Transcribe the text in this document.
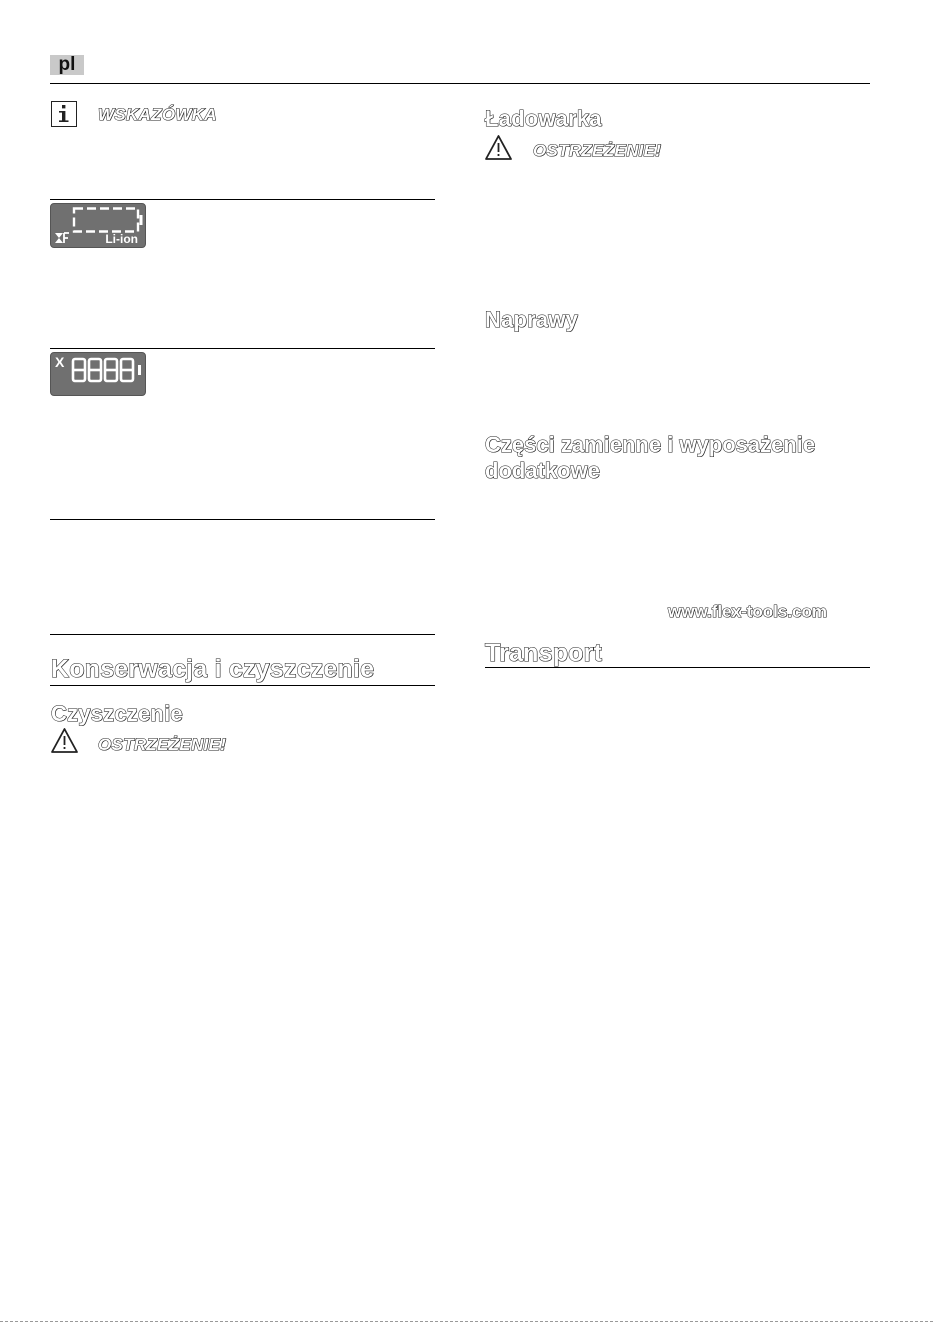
pl
WSKAZÓWKA
Li-ion
X
Konserwacja i czyszczenie
Czyszczenie
OSTRZEŻENIE!
Ładowarka
OSTRZEŻENIE!
Naprawy
Części zamienne i wyposażenie dodatkowe
www.flex-tools.com
Transport
